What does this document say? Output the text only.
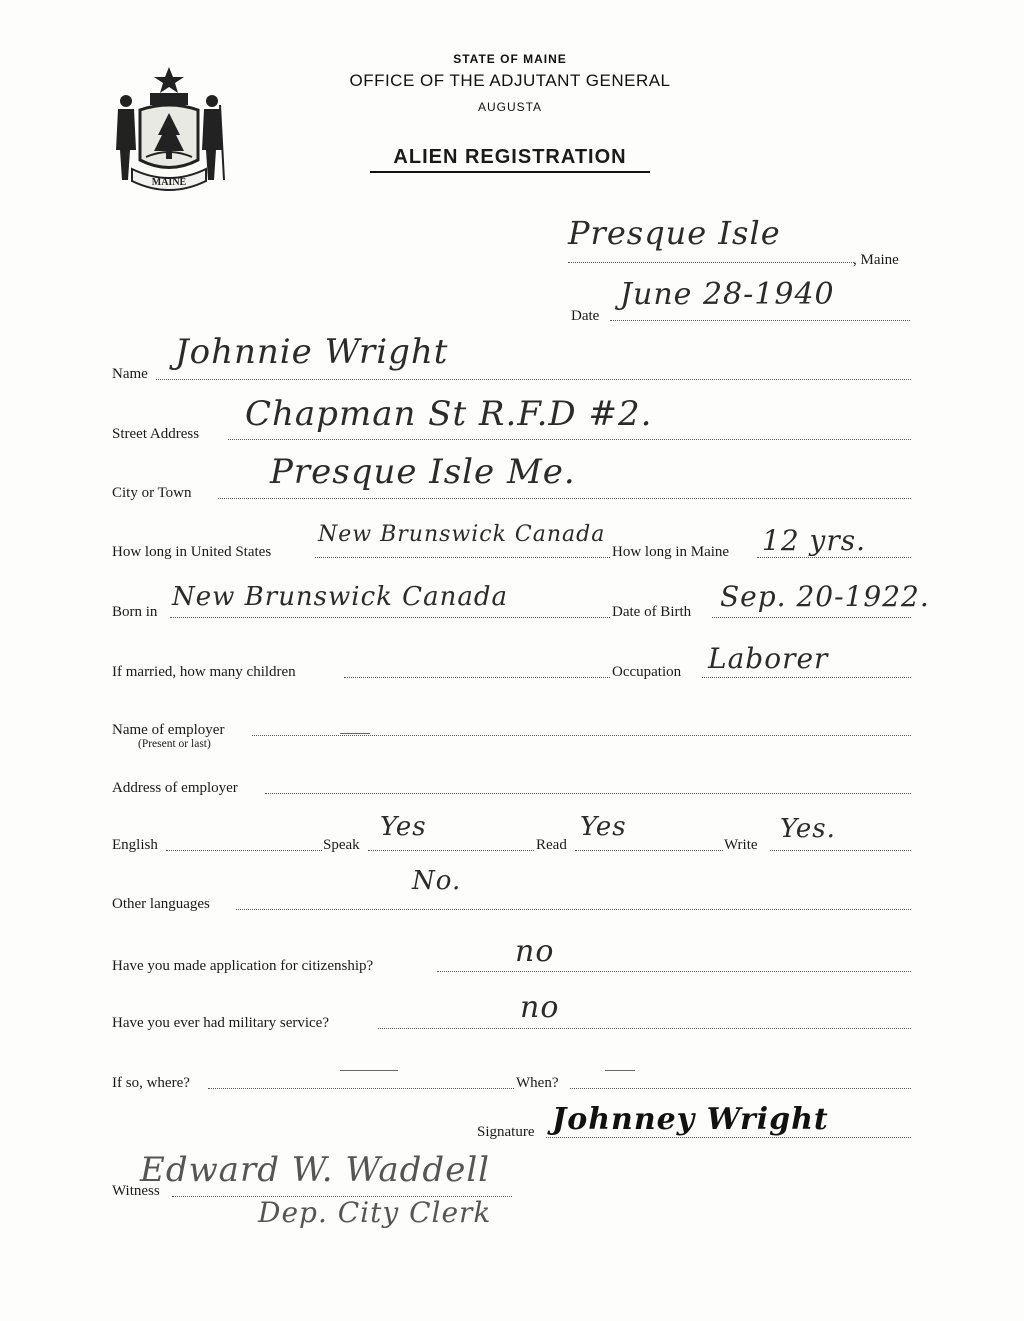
MAINE
STATE OF MAINE
OFFICE OF THE ADJUTANT GENERAL
AUGUSTA
ALIEN REGISTRATION
Presque Isle
, Maine
Date
June 28-1940
Name
Johnnie Wright
Street Address Chapman St R.F.D #2.
City or Town
Presque Isle Me.
How long in United States
New Brunswick Canada
How long in Maine 12 yrs.
Born in New Brunswick Canada	Date of Birth Sep. 20-1922.
If married, how many children	Occupation Laborer
Name of employer
(Present or last)
Address of employer
English	Speak
Yes
Read
Yes
Write
Yes.
Other languages
No.
Have you made application for citizenship?	no
Have you ever had military service?	no
If so, where?	When?
Signature Johnney Wright
Witness
Edward W. Waddell
Dep. City Clerk
